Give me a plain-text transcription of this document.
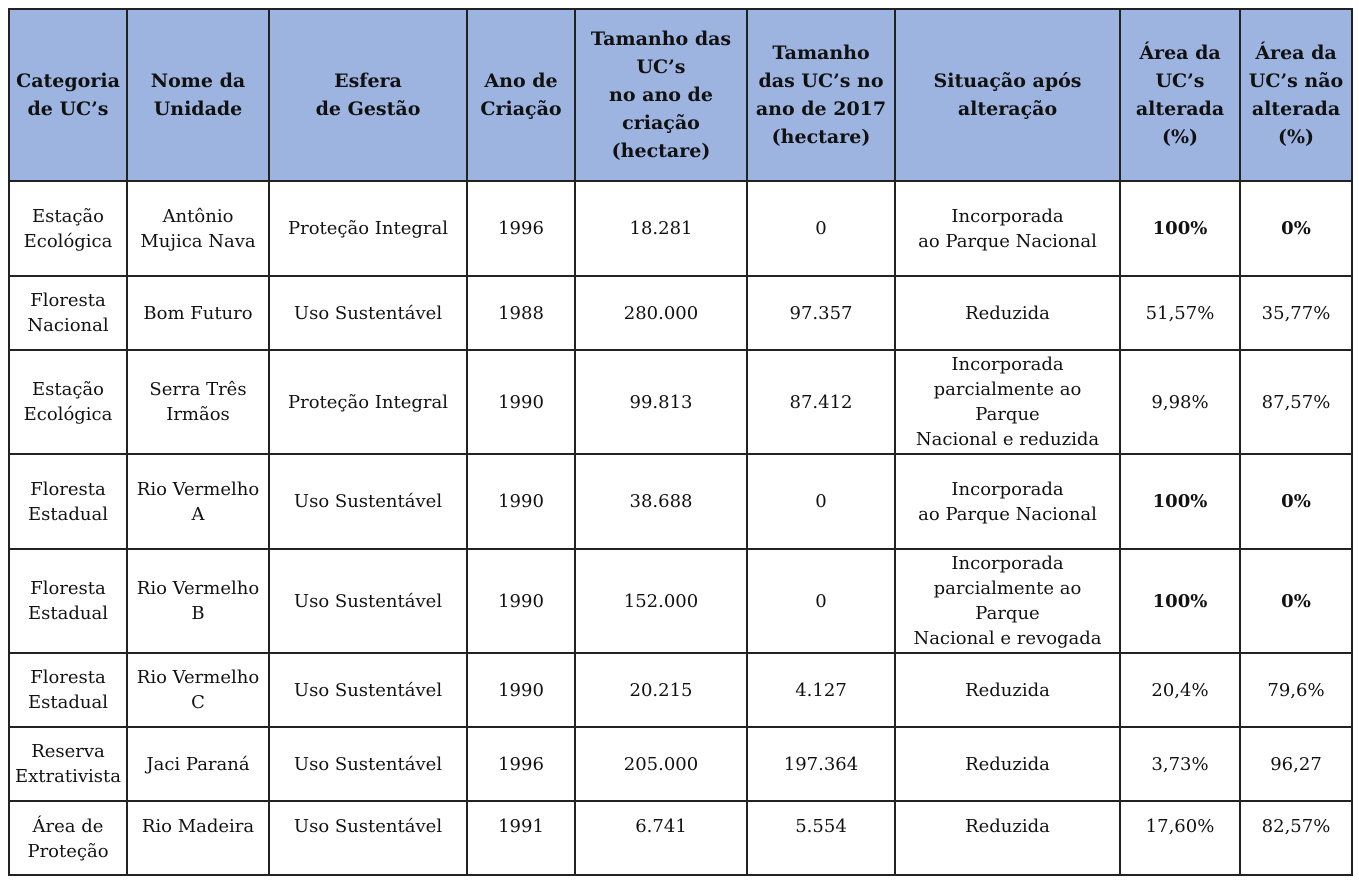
Categoria
de UC’s	Nome da
Unidade	Esfera
de Gestão	Ano de
Criação	Tamanho das
UC’s
no ano de
criação
(hectare)	Tamanho
das UC’s no
ano de 2017
(hectare)	Situação após
alteração	Área da
UC’s
alterada
(%)	Área da
UC’s não
alterada
(%)
Estação
Ecológica	Antônio
Mujica Nava	Proteção Integral	1996	18.281	0	Incorporada
ao Parque Nacional	100%	0%
Floresta
Nacional	Bom Futuro	Uso Sustentável	1988	280.000	97.357	Reduzida	51,57%	35,77%
Estação
Ecológica	Serra Três
Irmãos	Proteção Integral	1990	99.813	87.412	Incorporada
parcialmente ao Parque
Nacional e reduzida	9,98%	87,57%
Floresta
Estadual	Rio Vermelho
A	Uso Sustentável	1990	38.688	0	Incorporada
ao Parque Nacional	100%	0%
Floresta
Estadual	Rio Vermelho
B	Uso Sustentável	1990	152.000	0	Incorporada
parcialmente ao Parque
Nacional e revogada	100%	0%
Floresta
Estadual	Rio Vermelho
C	Uso Sustentável	1990	20.215	4.127	Reduzida	20,4%	79,6%
Reserva
Extrativista	Jaci Paraná	Uso Sustentável	1996	205.000	197.364	Reduzida	3,73%	96,27
Área de
Proteção	Rio Madeira	Uso Sustentável	1991	6.741	5.554	Reduzida	17,60%	82,57%
